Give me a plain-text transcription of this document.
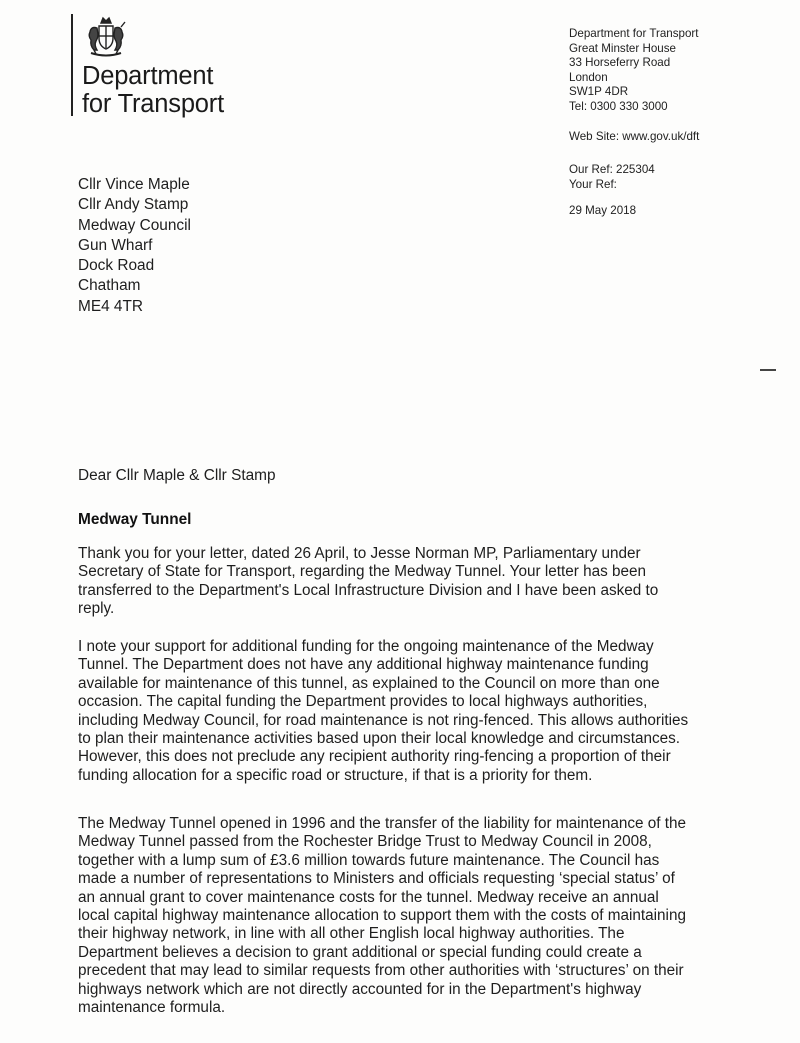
Department
for Transport
Department for Transport
Great Minster House
33 Horseferry Road
London
SW1P 4DR
Tel: 0300 330 3000
Web Site: www.gov.uk/dft
Our Ref: 225304
Your Ref:
29 May 2018
Cllr Vince Maple
Cllr Andy Stamp
Medway Council
Gun Wharf
Dock Road
Chatham
ME4 4TR
Dear Cllr Maple & Cllr Stamp
Medway Tunnel
Thank you for your letter, dated 26 April, to Jesse Norman MP, Parliamentary under
Secretary of State for Transport, regarding the Medway Tunnel. Your letter has been
transferred to the Department's Local Infrastructure Division and I have been asked to
reply.
I note your support for additional funding for the ongoing maintenance of the Medway
Tunnel. The Department does not have any additional highway maintenance funding
available for maintenance of this tunnel, as explained to the Council on more than one
occasion. The capital funding the Department provides to local highways authorities,
including Medway Council, for road maintenance is not ring-fenced. This allows authorities
to plan their maintenance activities based upon their local knowledge and circumstances.
However, this does not preclude any recipient authority ring-fencing a proportion of their
funding allocation for a specific road or structure, if that is a priority for them.
The Medway Tunnel opened in 1996 and the transfer of the liability for maintenance of the
Medway Tunnel passed from the Rochester Bridge Trust to Medway Council in 2008,
together with a lump sum of £3.6 million towards future maintenance. The Council has
made a number of representations to Ministers and officials requesting ‘special status’ of
an annual grant to cover maintenance costs for the tunnel. Medway receive an annual
local capital highway maintenance allocation to support them with the costs of maintaining
their highway network, in line with all other English local highway authorities. The
Department believes a decision to grant additional or special funding could create a
precedent that may lead to similar requests from other authorities with ‘structures’ on their
highways network which are not directly accounted for in the Department's highway
maintenance formula.
